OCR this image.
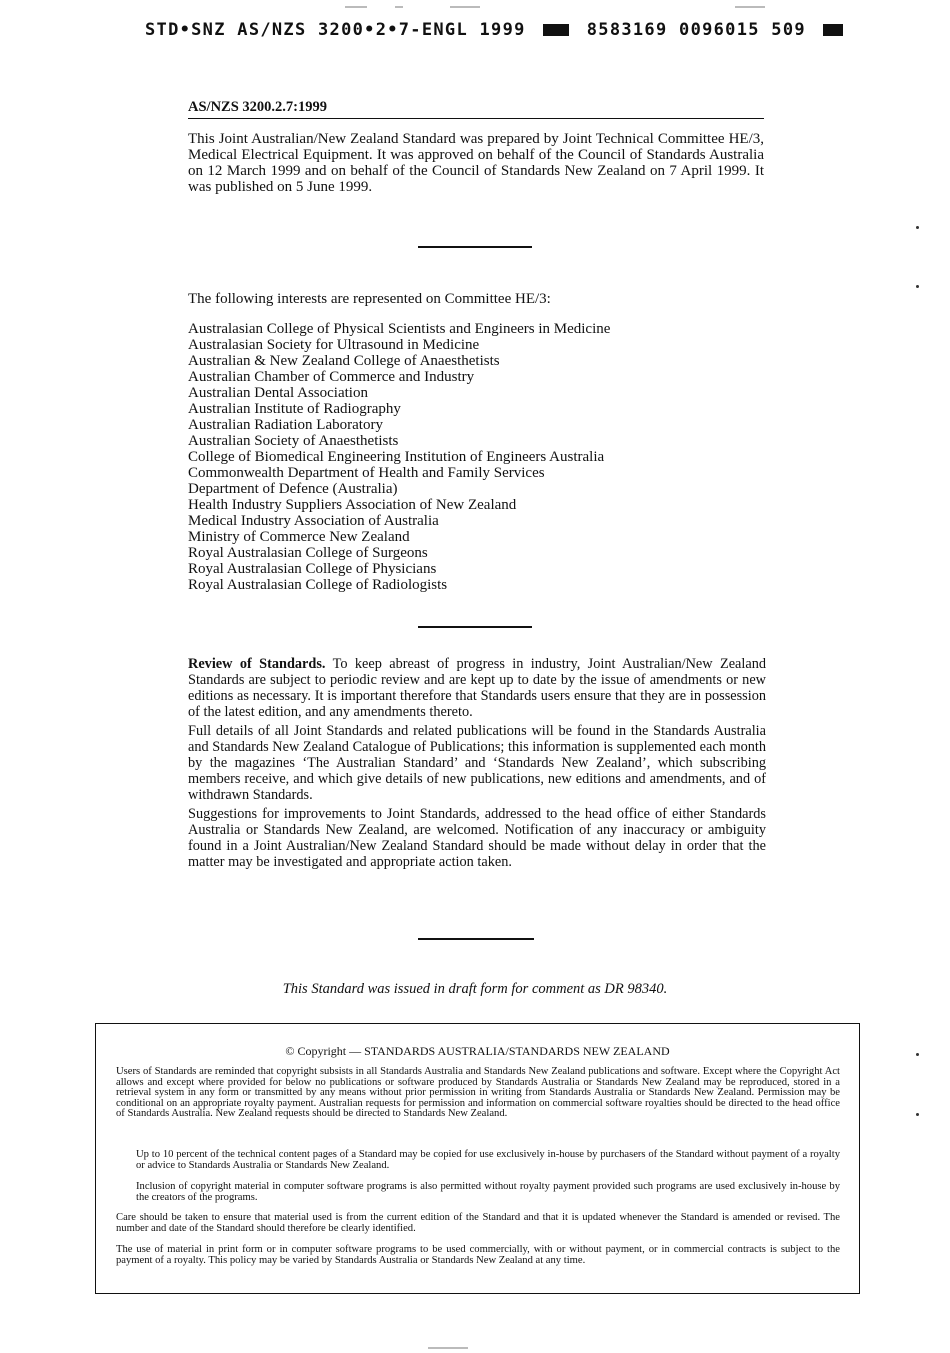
STD•SNZ AS/NZS 3200•2•7-ENGL 1999	8583169 0096015 509
AS/NZS 3200.2.7:1999
This Joint Australian/New Zealand Standard was prepared by Joint Technical Committee HE/3, Medical Electrical Equipment. It was approved on behalf of the Council of Standards Australia on 12 March 1999 and on behalf of the Council of Standards New Zealand on 7 April 1999. It was published on 5 June 1999.
The following interests are represented on Committee HE/3:
Australasian College of Physical Scientists and Engineers in Medicine
Australasian Society for Ultrasound in Medicine
Australian & New Zealand College of Anaesthetists
Australian Chamber of Commerce and Industry
Australian Dental Association
Australian Institute of Radiography
Australian Radiation Laboratory
Australian Society of Anaesthetists
College of Biomedical Engineering Institution of Engineers Australia
Commonwealth Department of Health and Family Services
Department of Defence (Australia)
Health Industry Suppliers Association of New Zealand
Medical Industry Association of Australia
Ministry of Commerce New Zealand
Royal Australasian College of Surgeons
Royal Australasian College of Physicians
Royal Australasian College of Radiologists

Review of Standards. To keep abreast of progress in industry, Joint Australian/New Zealand Standards are subject to periodic review and are kept up to date by the issue of amendments or new editions as necessary. It is important therefore that Standards users ensure that they are in possession of the latest edition, and any amendments thereto.

Full details of all Joint Standards and related publications will be found in the Standards Australia and Standards New Zealand Catalogue of Publications; this information is supplemented each month by the magazines ‘The Australian Standard’ and ‘Standards New Zealand’, which subscribing members receive, and which give details of new publications, new editions and amendments, and of withdrawn Standards.

Suggestions for improvements to Joint Standards, addressed to the head office of either Standards Australia or Standards New Zealand, are welcomed. Notification of any inaccuracy or ambiguity found in a Joint Australian/New Zealand Standard should be made without delay in order that the matter may be investigated and appropriate action taken.

This Standard was issued in draft form for comment as DR 98340.
© Copyright — STANDARDS AUSTRALIA/STANDARDS NEW ZEALAND
Users of Standards are reminded that copyright subsists in all Standards Australia and Standards New Zealand publications and software. Except where the Copyright Act allows and except where provided for below no publications or software produced by Standards Australia or Standards New Zealand may be reproduced, stored in a retrieval system in any form or transmitted by any means without prior permission in writing from Standards Australia or Standards New Zealand. Permission may be conditional on an appropriate royalty payment. Australian requests for permission and information on commercial software royalties should be directed to the head office of Standards Australia. New Zealand requests should be directed to Standards New Zealand.
Up to 10 percent of the technical content pages of a Standard may be copied for use exclusively in-house by purchasers of the Standard without payment of a royalty or advice to Standards Australia or Standards New Zealand.
Inclusion of copyright material in computer software programs is also permitted without royalty payment provided such programs are used exclusively in-house by the creators of the programs.
Care should be taken to ensure that material used is from the current edition of the Standard and that it is updated whenever the Standard is amended or revised. The number and date of the Standard should therefore be clearly identified.
The use of material in print form or in computer software programs to be used commercially, with or without payment, or in commercial contracts is subject to the payment of a royalty. This policy may be varied by Standards Australia or Standards New Zealand at any time.
